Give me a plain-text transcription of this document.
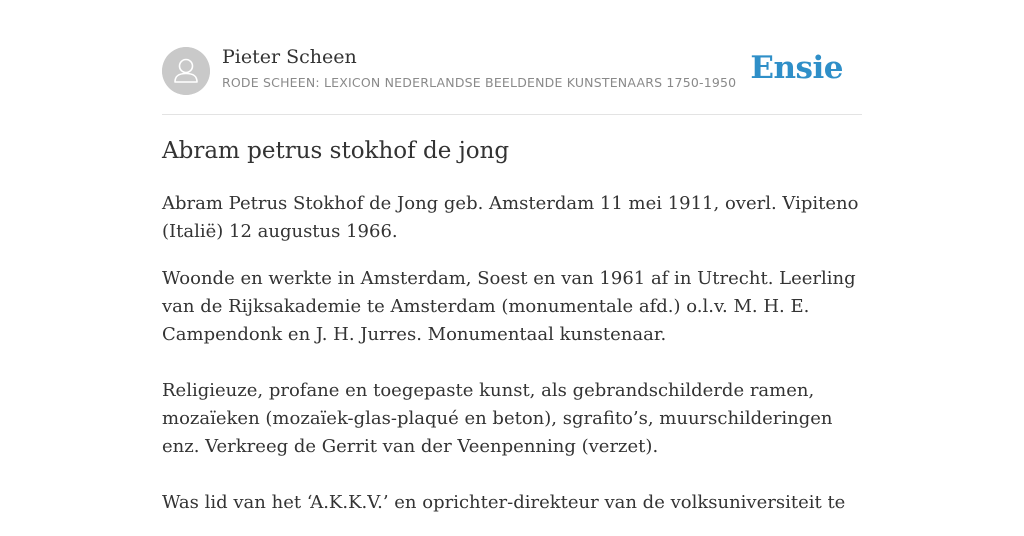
Pieter Scheen
RODE SCHEEN: LEXICON NEDERLANDSE BEELDENDE KUNSTENAARS 1750-1950 Ensie
Abram petrus stokhof de jong

Abram Petrus Stokhof de Jong geb. Amsterdam 11 mei 1911, overl. Vipiteno (Italië) 12 augustus 1966.

Woonde en werkte in Amsterdam, Soest en van 1961 af in Utrecht. Leerling van de Rijksakademie te Amsterdam (monumentale afd.) o.l.v. M. H. E. Campendonk en J. H. Jurres. Monumentaal kunstenaar.

Religieuze, profane en toegepaste kunst, als gebrandschilderde ramen, mozaïeken (mozaïek-glas-plaqué en beton), sgrafito’s, muurschilderingen enz. Verkreeg de Gerrit van der Veenpenning (verzet).

Was lid van het ‘A.K.K.V.’ en oprichter-direkteur van de volksuniversiteit te
